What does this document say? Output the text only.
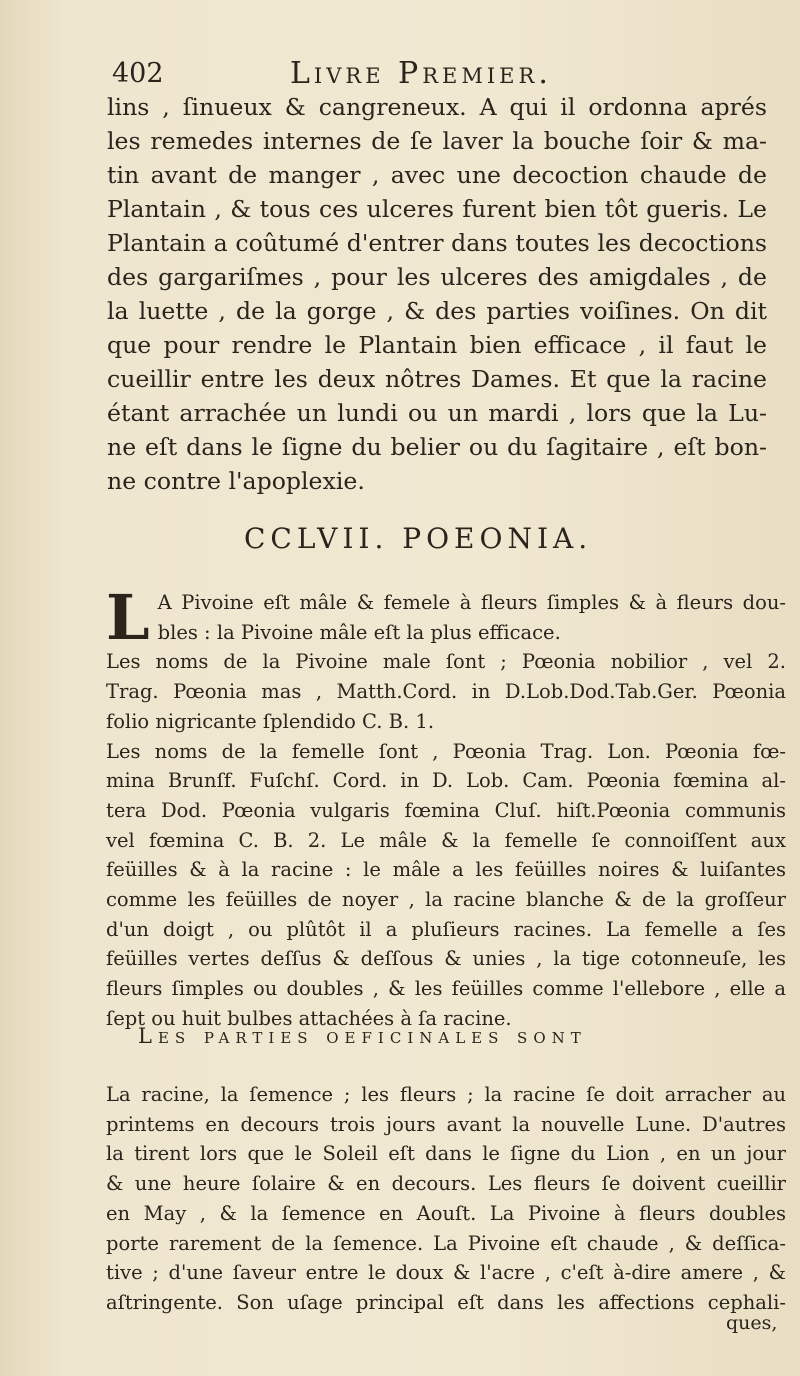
402	Livre Premier.
lins , ſinueux & cangreneux. A qui il ordonna aprés
les remedes internes de ſe laver la bouche ſoir & ma-
tin avant de manger , avec une decoction chaude de
Plantain , & tous ces ulceres furent bien tôt gueris. Le
Plantain a coûtumé d'entrer dans toutes les decoctions
des gargariſmes , pour les ulceres des amigdales , de
la luette , de la gorge , & des parties voiſines. On dit
que pour rendre le Plantain bien efficace , il faut le
cueillir entre les deux nôtres Dames. Et que la racine
étant arrachée un lundi ou un mardi , lors que la Lu-
ne eſt dans le ſigne du belier ou du ſagitaire , eſt bon-
ne contre l'apoplexie.
CCLVII. POEONIA.
L A Pivoine eſt mâle & femele à fleurs ſimples & à fleurs dou-
bles : la Pivoine mâle eſt la plus efficace.
Les noms de la Pivoine male ſont ; Pœonia nobilior , vel 2.
Trag. Pœonia mas , Matth.Cord. in D.Lob.Dod.Tab.Ger. Pœonia
folio nigricante ſplendido C. B. 1.
Les noms de la femelle ſont , Pœonia Trag. Lon. Pœonia fœ-
mina Brunſf. Fuſchſ. Cord. in D. Lob. Cam. Pœonia fœmina al-
tera Dod. Pœonia vulgaris fœmina Cluſ. hiſt.Pœonia communis
vel fœmina C. B. 2. Le mâle & la femelle ſe connoiſſent aux
feüilles & à la racine : le mâle a les feüilles noires & luiſantes
comme les feüilles de noyer , la racine blanche & de la groſſeur
d'un doigt , ou plûtôt il a pluſieurs racines. La femelle a ſes
feüilles vertes deſſus & deſſous & unies , la tige cotonneuſe, les
fleurs ſimples ou doubles , & les feüilles comme l'ellebore , elle a
ſept ou huit bulbes attachées à ſa racine.
Les parties oeficinales sont
La racine, la ſemence ; les fleurs ; la racine ſe doit arracher au
printems en decours trois jours avant la nouvelle Lune. D'autres
la tirent lors que le Soleil eſt dans le ſigne du Lion , en un jour
& une heure ſolaire & en decours. Les fleurs ſe doivent cueillir
en May , & la ſemence en Aouſt. La Pivoine à fleurs doubles
porte rarement de la ſemence. La Pivoine eſt chaude , & deſſica-
tive ; d'une ſaveur entre le doux & l'acre , c'eſt à-dire amere , &
aſtringente. Son uſage principal eſt dans les affections cephali-
ques,
